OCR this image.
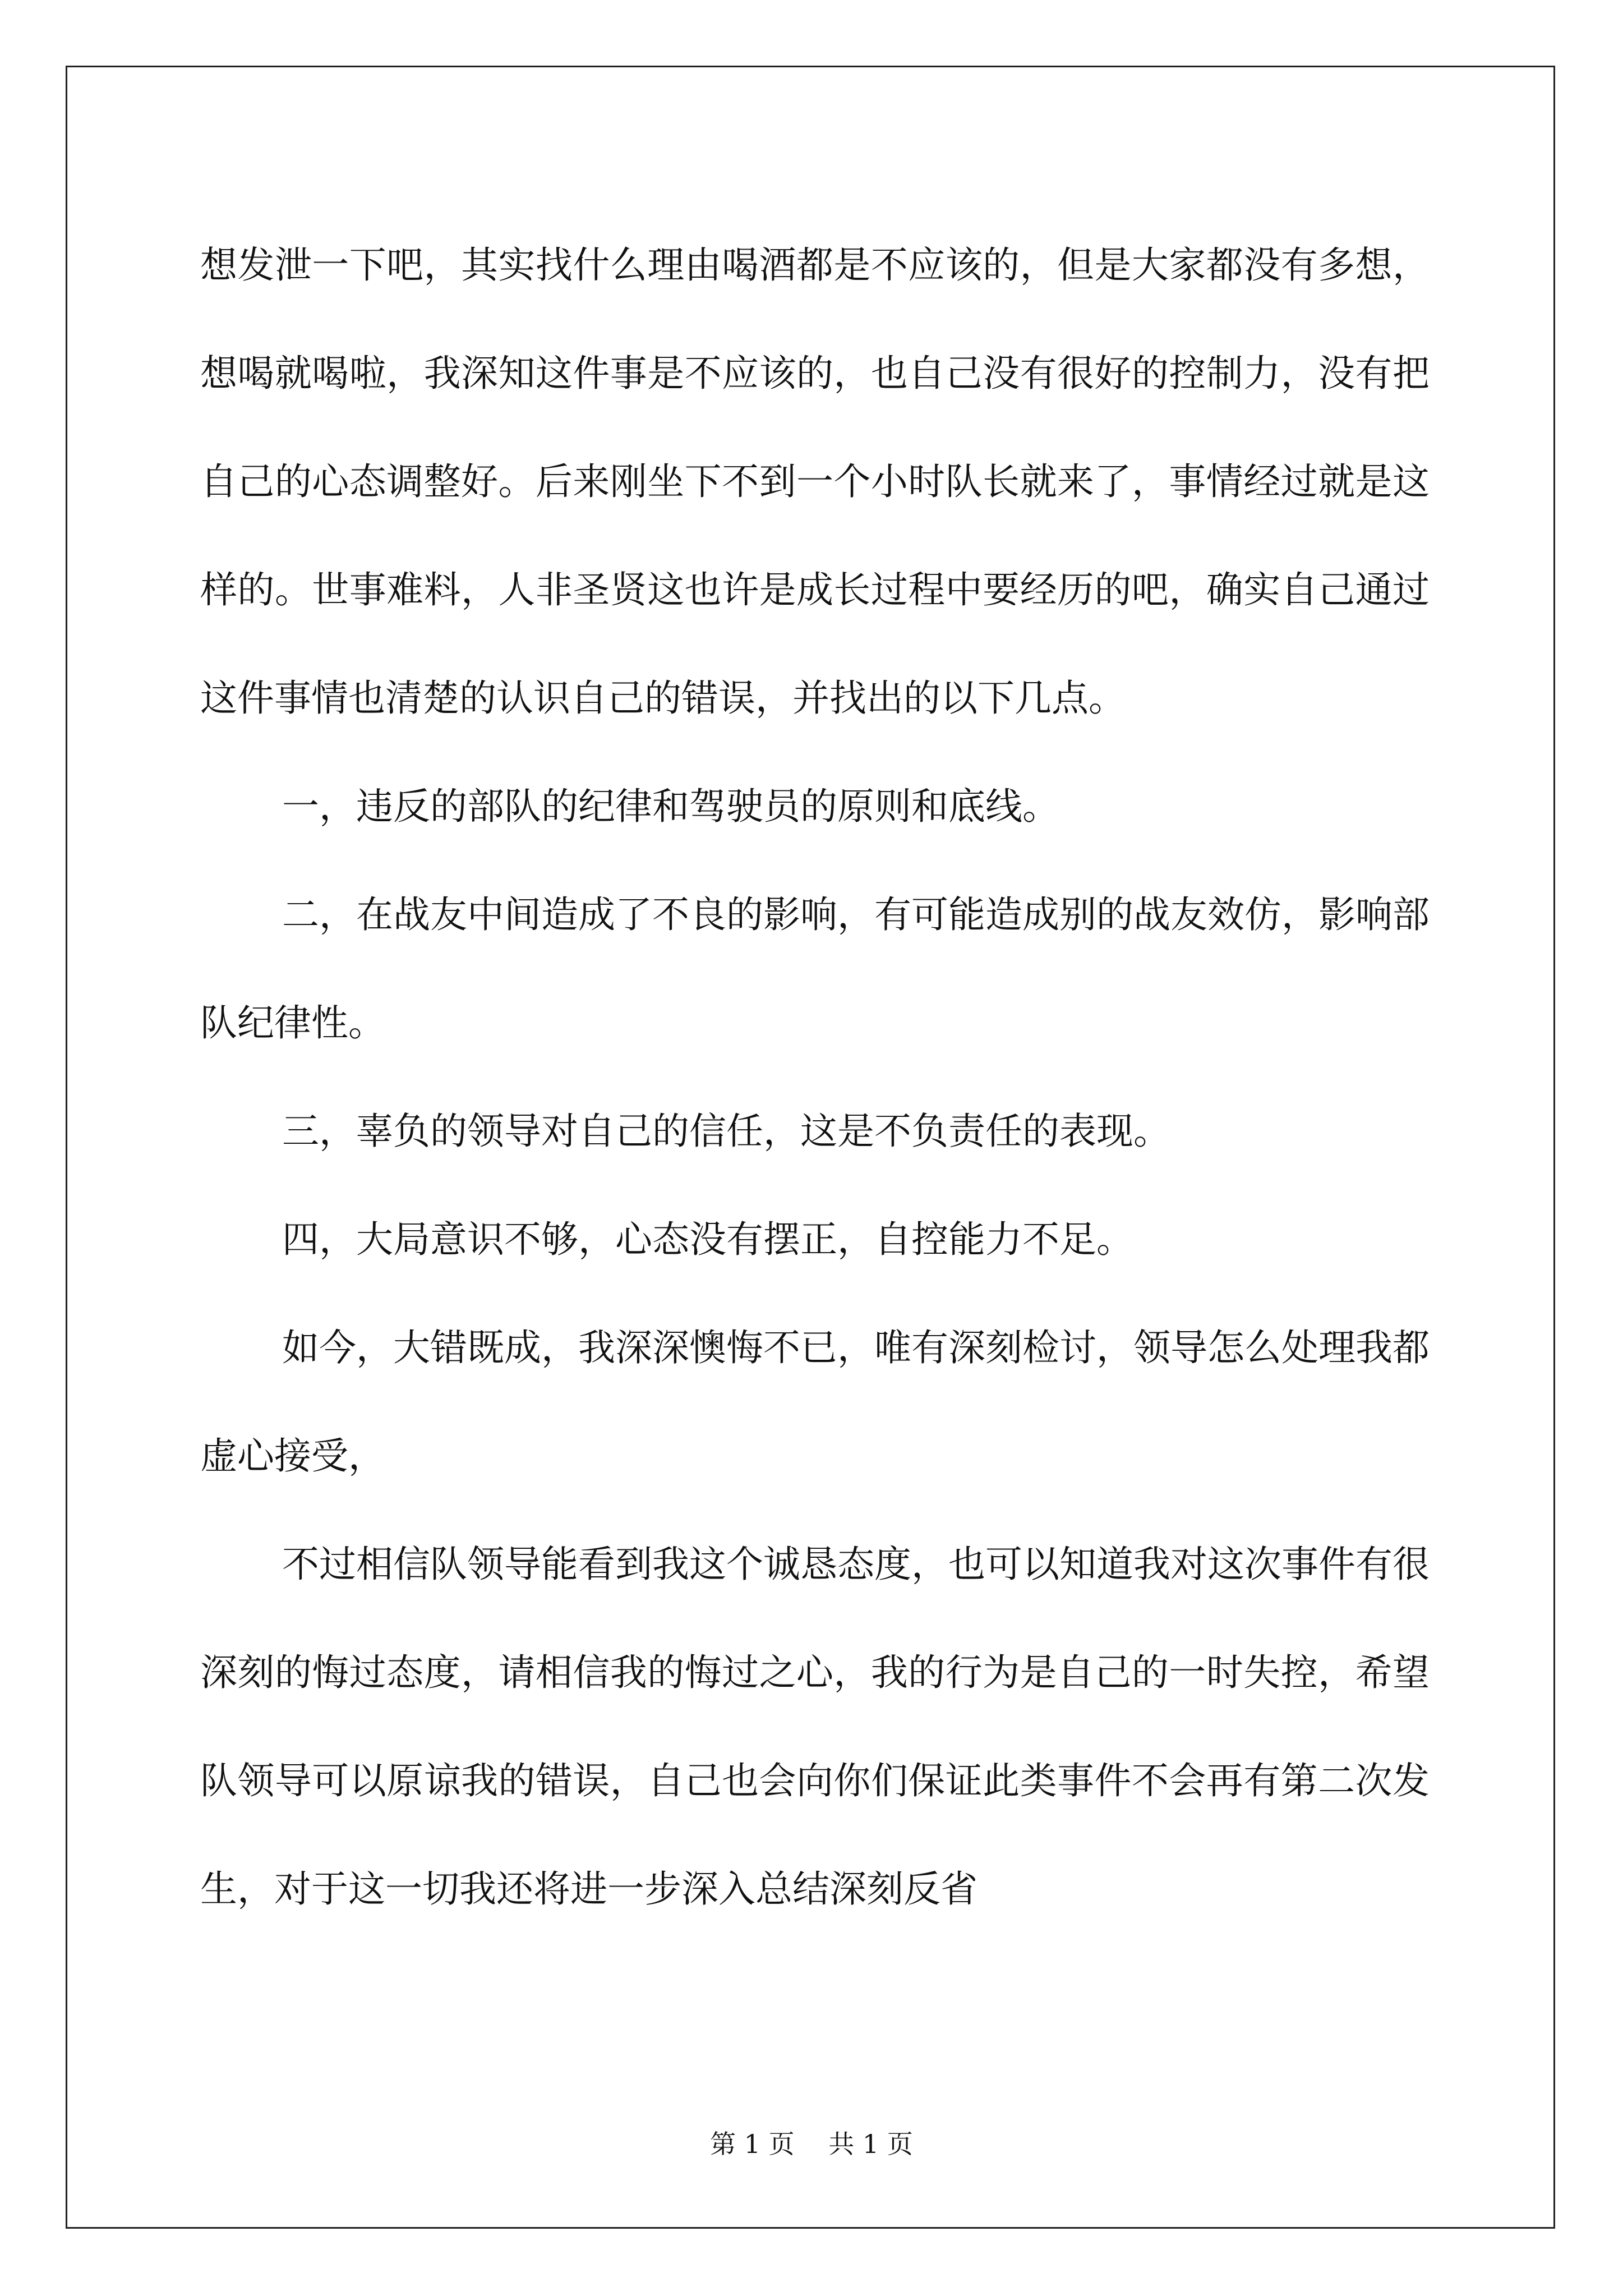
想发泄一下吧，其实找什么理由喝酒都是不应该的，但是大家都没有多想，想喝就喝啦，我深知这件事是不应该的，也自己没有很好的控制力，没有把自己的心态调整好。后来刚坐下不到一个小时队长就来了，事情经过就是这样的。世事难料，人非圣贤这也许是成长过程中要经历的吧，确实自己通过这件事情也清楚的认识自己的错误，并找出的以下几点。

一，违反的部队的纪律和驾驶员的原则和底线。

二，在战友中间造成了不良的影响，有可能造成别的战友效仿，影响部队纪律性。

三，辜负的领导对自己的信任，这是不负责任的表现。

四，大局意识不够，心态没有摆正，自控能力不足。

如今，大错既成，我深深懊悔不已，唯有深刻检讨，领导怎么处理我都虚心接受，

不过相信队领导能看到我这个诚恳态度，也可以知道我对这次事件有很深刻的悔过态度，请相信我的悔过之心，我的行为是自己的一时失控，希望队领导可以原谅我的错误，自己也会向你们保证此类事件不会再有第二次发生，对于这一切我还将进一步深入总结深刻反省

第 1 页　 共 1 页
